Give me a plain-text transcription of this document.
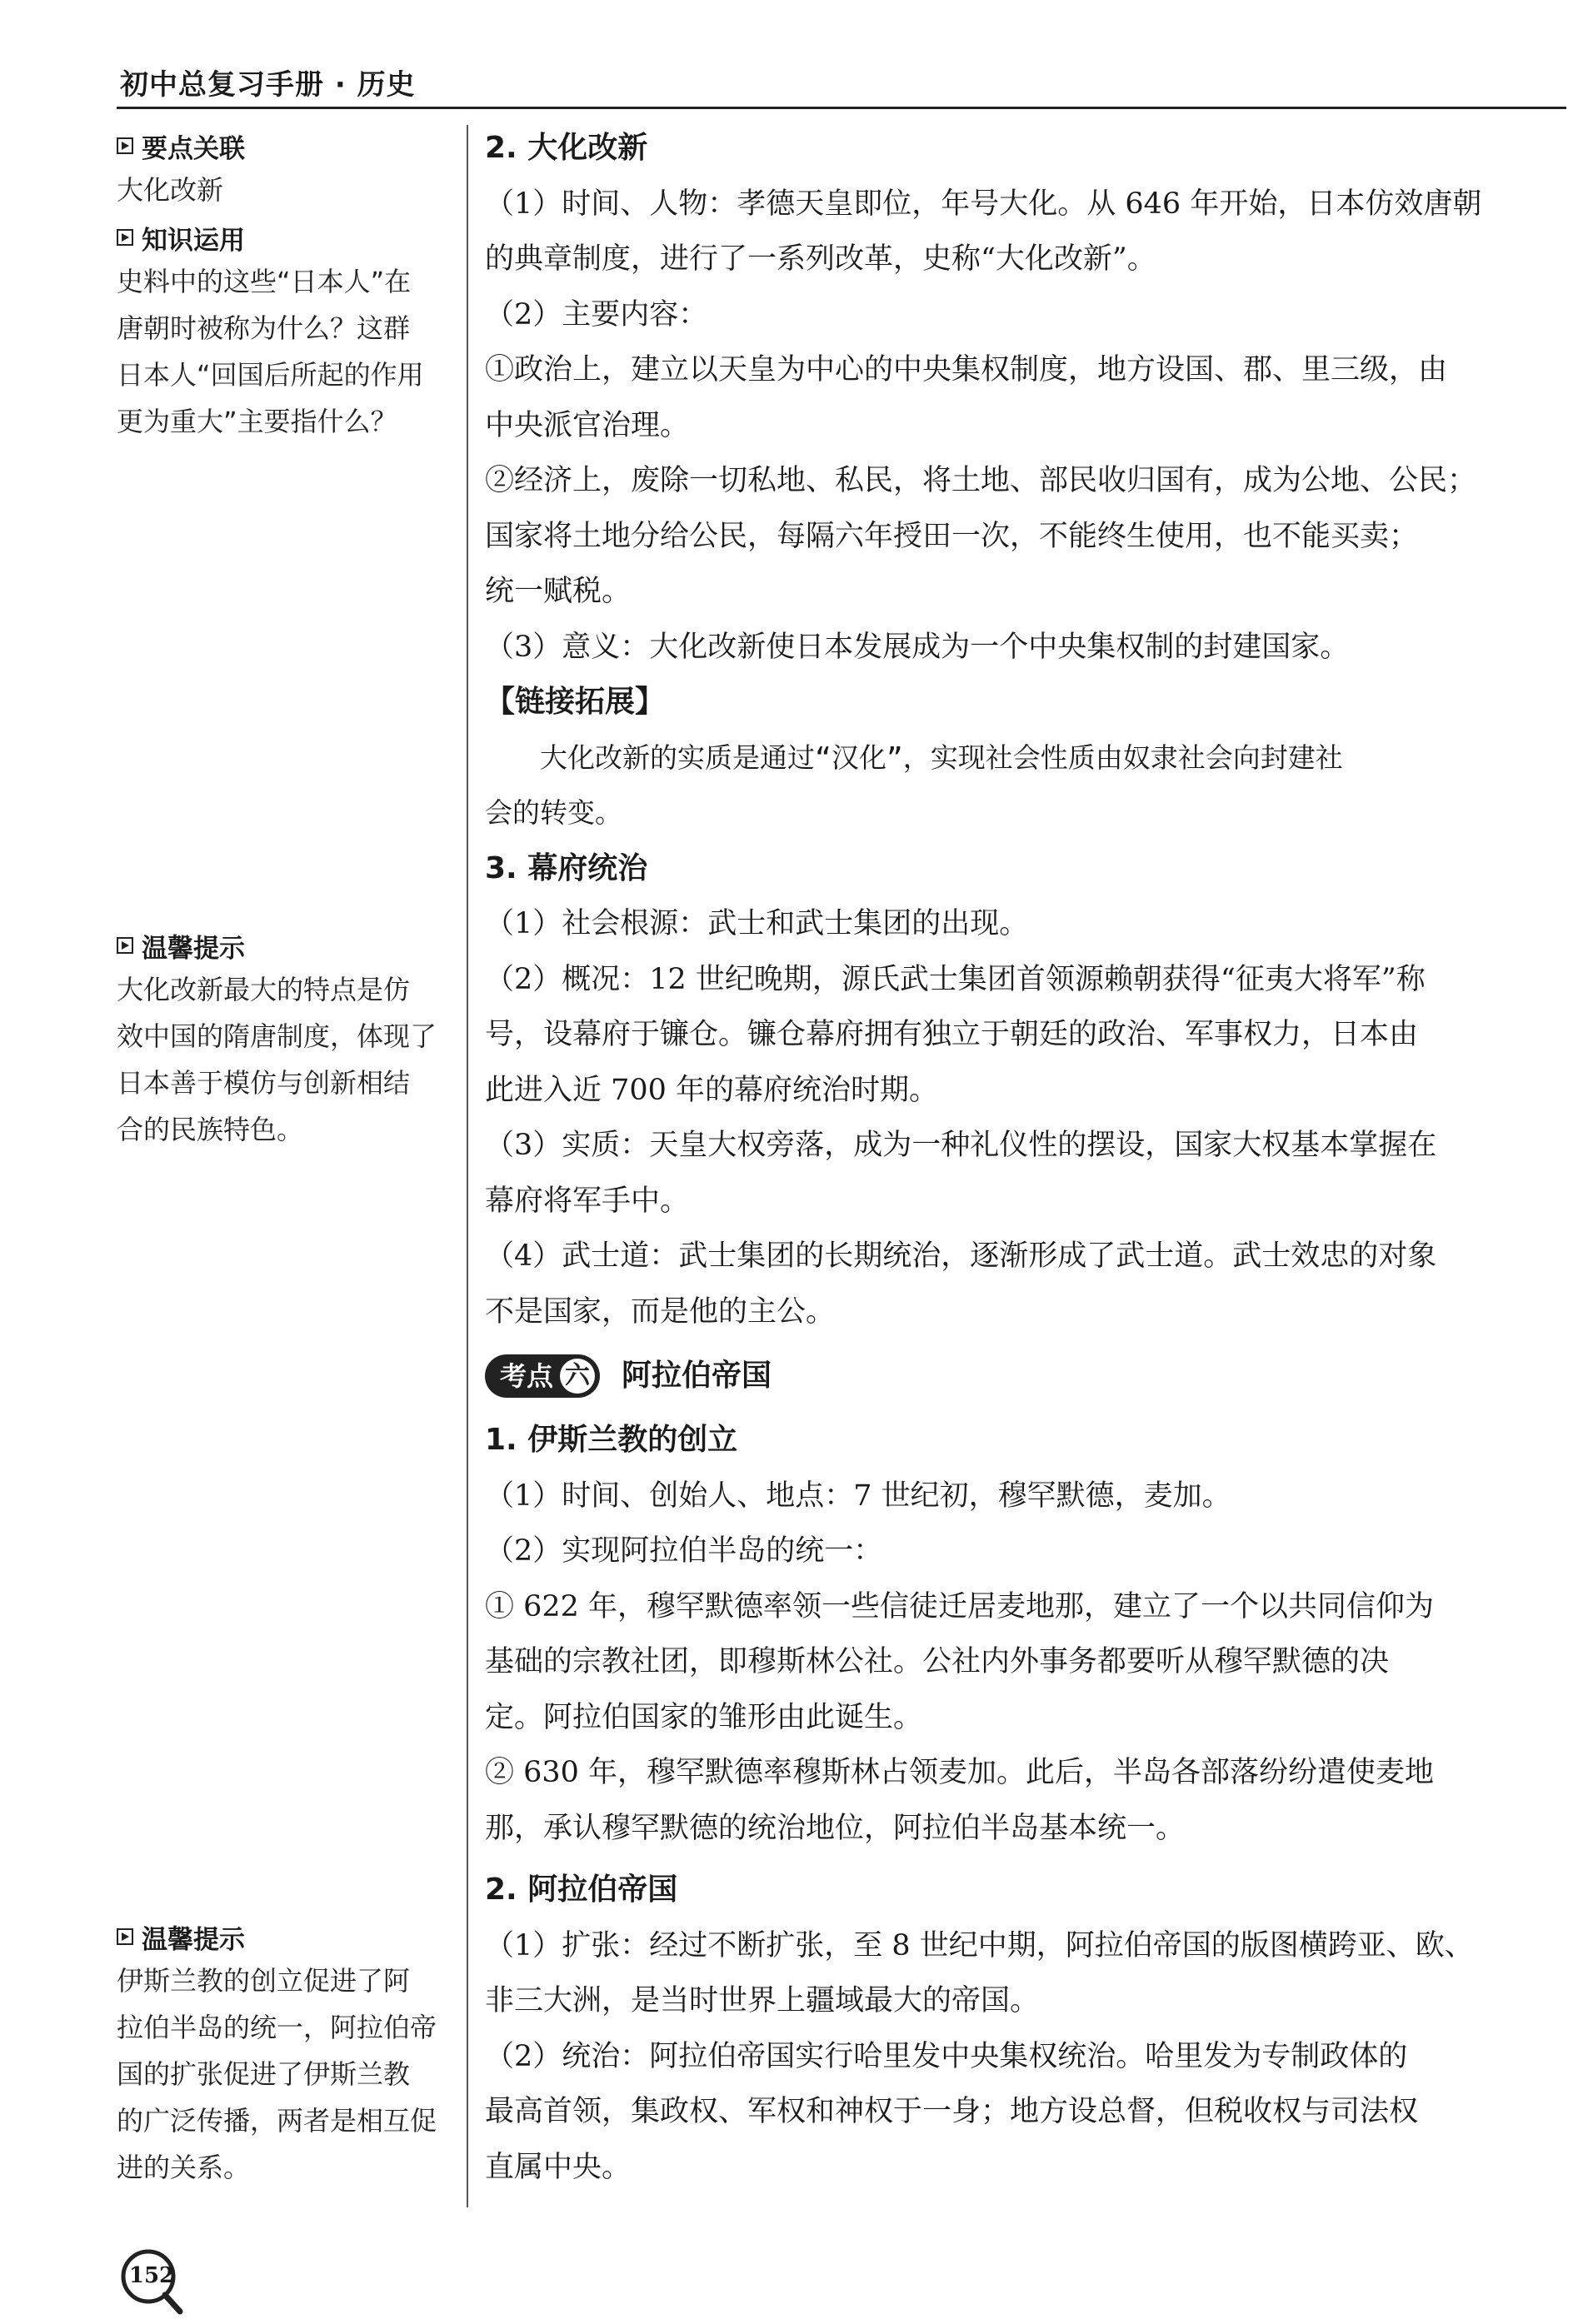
初中总复习手册 · 历史
要点关联
大化改新
知识运用
史料中的这些“日本人”在
唐朝时被称为什么？这群
日本人“回国后所起的作用
更为重大”主要指什么？
温馨提示
大化改新最大的特点是仿
效中国的隋唐制度，体现了
日本善于模仿与创新相结
合的民族特色。
温馨提示
伊斯兰教的创立促进了阿
拉伯半岛的统一，阿拉伯帝
国的扩张促进了伊斯兰教
的广泛传播，两者是相互促
进的关系。

2. 大化改新

（1）时间、人物：孝德天皇即位，年号大化。从 646 年开始，日本仿效唐朝

的典章制度，进行了一系列改革，史称“大化改新”。

（2）主要内容：

①政治上，建立以天皇为中心的中央集权制度，地方设国、郡、里三级，由

中央派官治理。

②经济上，废除一切私地、私民，将土地、部民收归国有，成为公地、公民；

国家将土地分给公民，每隔六年授田一次，不能终生使用，也不能买卖；

统一赋税。

（3）意义：大化改新使日本发展成为一个中央集权制的封建国家。

【链接拓展】

大化改新的实质是通过“汉化”，实现社会性质由奴隶社会向封建社

会的转变。

3. 幕府统治

（1）社会根源：武士和武士集团的出现。

（2）概况：12 世纪晚期，源氏武士集团首领源赖朝获得“征夷大将军”称

号，设幕府于镰仓。镰仓幕府拥有独立于朝廷的政治、军事权力，日本由

此进入近 700 年的幕府统治时期。

（3）实质：天皇大权旁落，成为一种礼仪性的摆设，国家大权基本掌握在

幕府将军手中。

（4）武士道：武士集团的长期统治，逐渐形成了武士道。武士效忠的对象

不是国家，而是他的主公。

考点 六 阿拉伯帝国

1. 伊斯兰教的创立

（1）时间、创始人、地点：7 世纪初，穆罕默德，麦加。

（2）实现阿拉伯半岛的统一：

① 622 年，穆罕默德率领一些信徒迁居麦地那，建立了一个以共同信仰为

基础的宗教社团，即穆斯林公社。公社内外事务都要听从穆罕默德的决

定。阿拉伯国家的雏形由此诞生。

② 630 年，穆罕默德率穆斯林占领麦加。此后，半岛各部落纷纷遣使麦地

那，承认穆罕默德的统治地位，阿拉伯半岛基本统一。

2. 阿拉伯帝国

（1）扩张：经过不断扩张，至 8 世纪中期，阿拉伯帝国的版图横跨亚、欧、

非三大洲，是当时世界上疆域最大的帝国。

（2）统治：阿拉伯帝国实行哈里发中央集权统治。哈里发为专制政体的

最高首领，集政权、军权和神权于一身；地方设总督，但税收权与司法权

直属中央。

152
